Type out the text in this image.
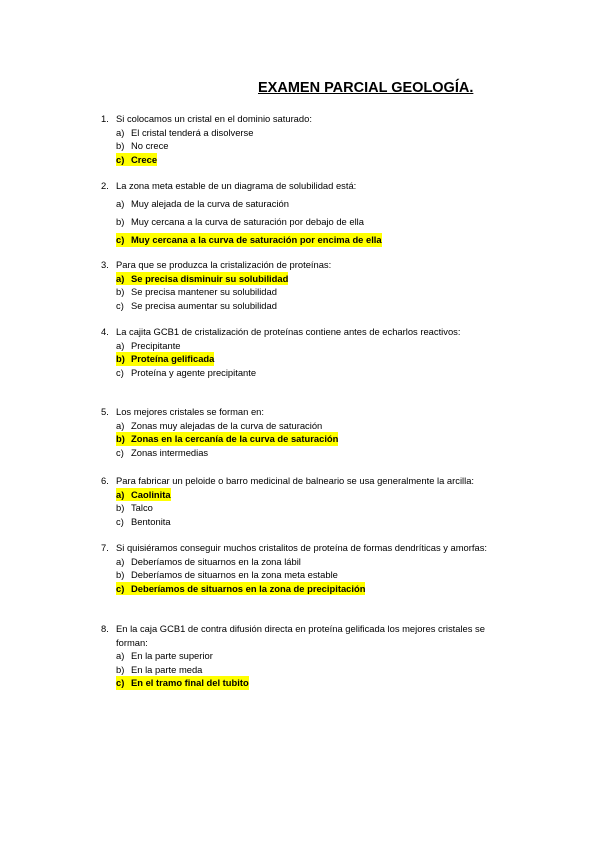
EXAMEN PARCIAL GEOLOGÍA.
1. Si colocamos un cristal en el dominio saturado:
a) El cristal tenderá a disolverse
b) No crece
c) Crece
2. La zona meta estable de un diagrama de solubilidad está:
a) Muy alejada de la curva de saturación
b) Muy cercana a la curva de saturación por debajo de ella
c) Muy cercana a la curva de saturación por encima de ella
3. Para que se produzca la cristalización de proteínas:
a) Se precisa disminuir su solubilidad
b) Se precisa mantener su solubilidad
c) Se precisa aumentar su solubilidad
4. La cajita GCB1 de cristalización de proteínas contiene antes de echarlos reactivos:
a) Precipitante
b) Proteína gelificada
c) Proteína y agente precipitante
5. Los mejores cristales se forman en:
a) Zonas muy alejadas de la curva de saturación
b) Zonas en la cercanía de la curva de saturación
c) Zonas intermedias
6. Para fabricar un peloide o barro medicinal de balneario se usa generalmente la arcilla:
a) Caolinita
b) Talco
c) Bentonita
7. Si quisiéramos conseguir muchos cristalitos de proteína de formas dendríticas y amorfas:
a) Deberíamos de situarnos en la zona lábil
b) Deberíamos de situarnos en la zona meta estable
c) Deberíamos de situarnos en la zona de precipitación
8. En la caja GCB1 de contra difusión directa en proteína gelificada los mejores cristales se forman:
a) En la parte superior
b) En la parte meda
c) En el tramo final del tubito
